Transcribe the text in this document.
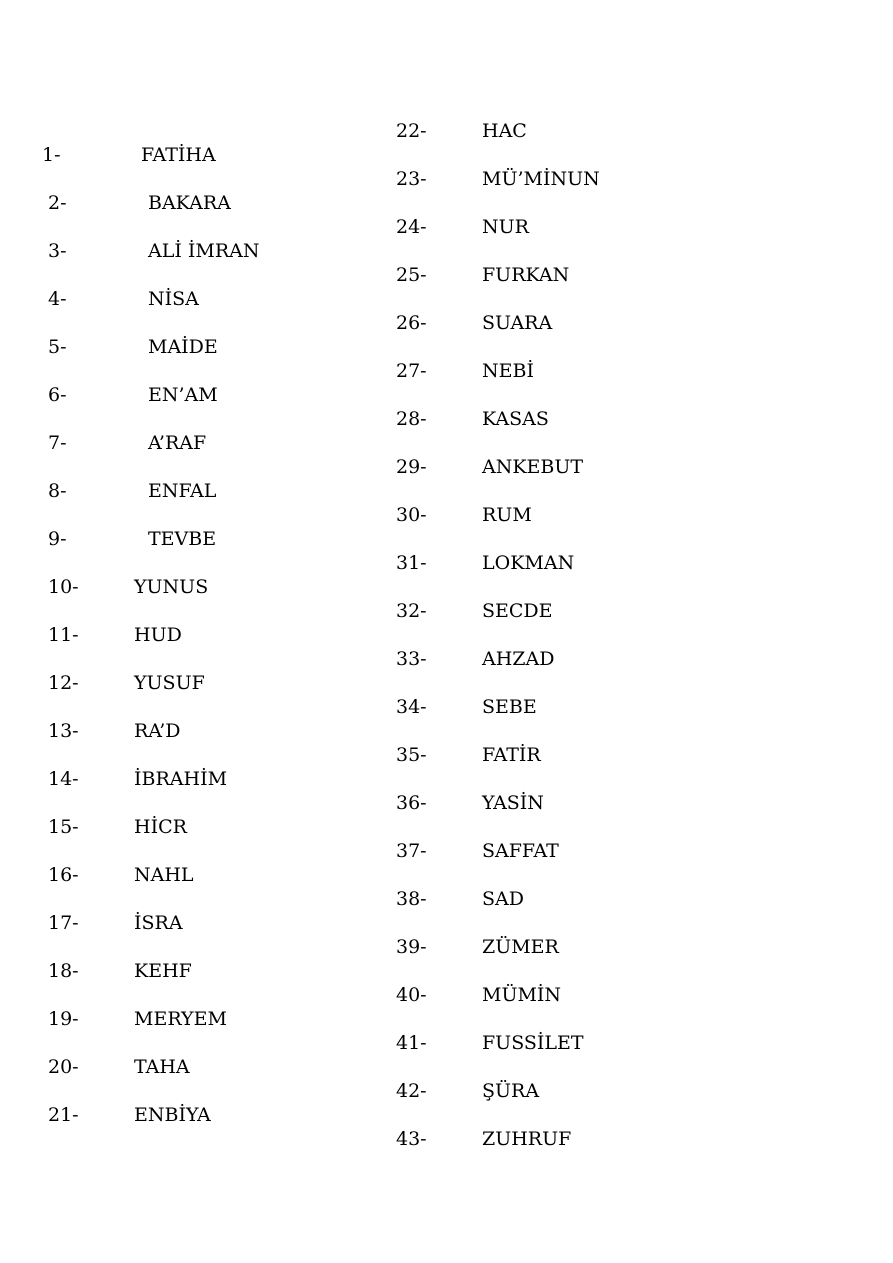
1-	FATİHA
2-	BAKARA
3-	ALİ İMRAN
4-	NİSA
5-	MAİDE
6-	EN’AM
7-	A’RAF
8-	ENFAL
9-	TEVBE
10-	YUNUS
11-	HUD
12-	YUSUF
13-	RA’D
14-	İBRAHİM
15-	HİCR
16-	NAHL
17-	İSRA
18-	KEHF
19-	MERYEM
20-	TAHA
21-	ENBİYA
22-	HAC
23-	MÜ’MİNUN
24-	NUR
25-	FURKAN
26-	SUARA
27-	NEBİ
28-	KASAS
29-	ANKEBUT
30-	RUM
31-	LOKMAN
32-	SECDE
33-	AHZAD
34-	SEBE
35-	FATİR
36-	YASİN
37-	SAFFAT
38-	SAD
39-	ZÜMER
40-	MÜMİN
41-	FUSSİLET
42-	ŞÜRA
43-	ZUHRUF
